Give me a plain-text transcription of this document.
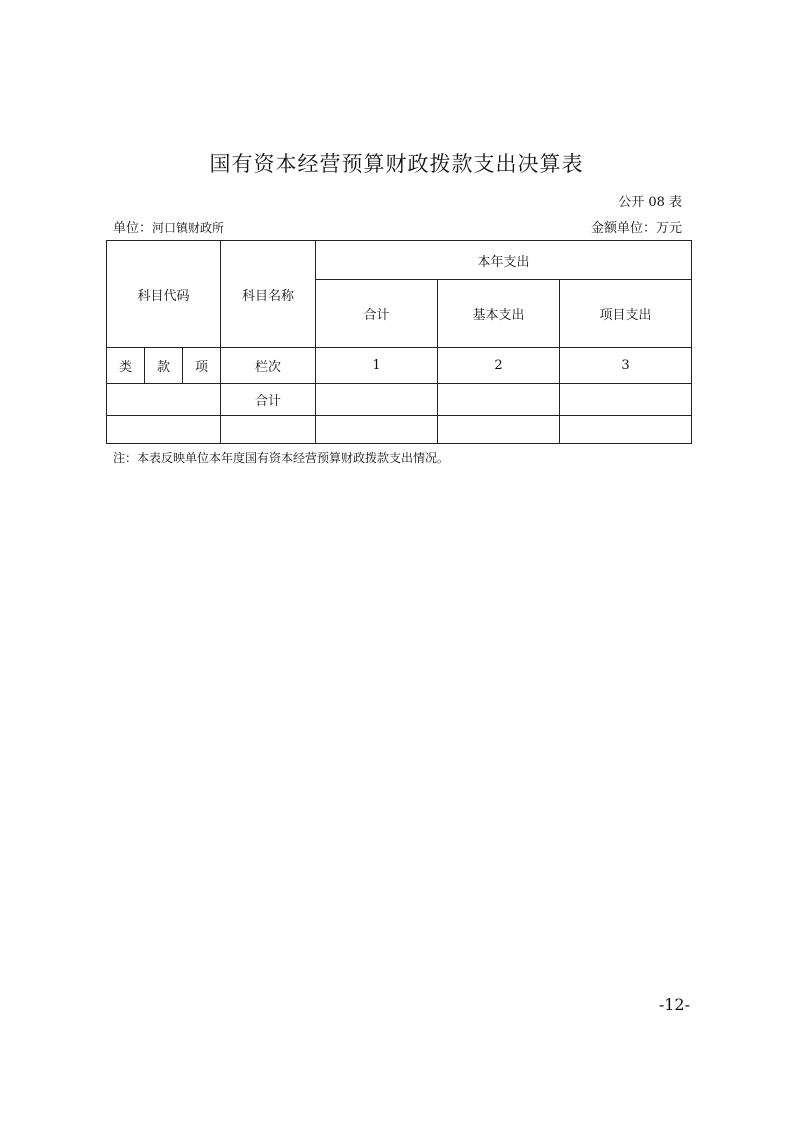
国有资本经营预算财政拨款支出决算表
公开 08 表
单位：河口镇财政所	金额单位：万元
科目代码			科目名称	本年支出		
				合计	基本支出	项目支出
类	款	项	栏次	1	2	3
			合计			

注：本表反映单位本年度国有资本经营预算财政拨款支出情况。
-12-
